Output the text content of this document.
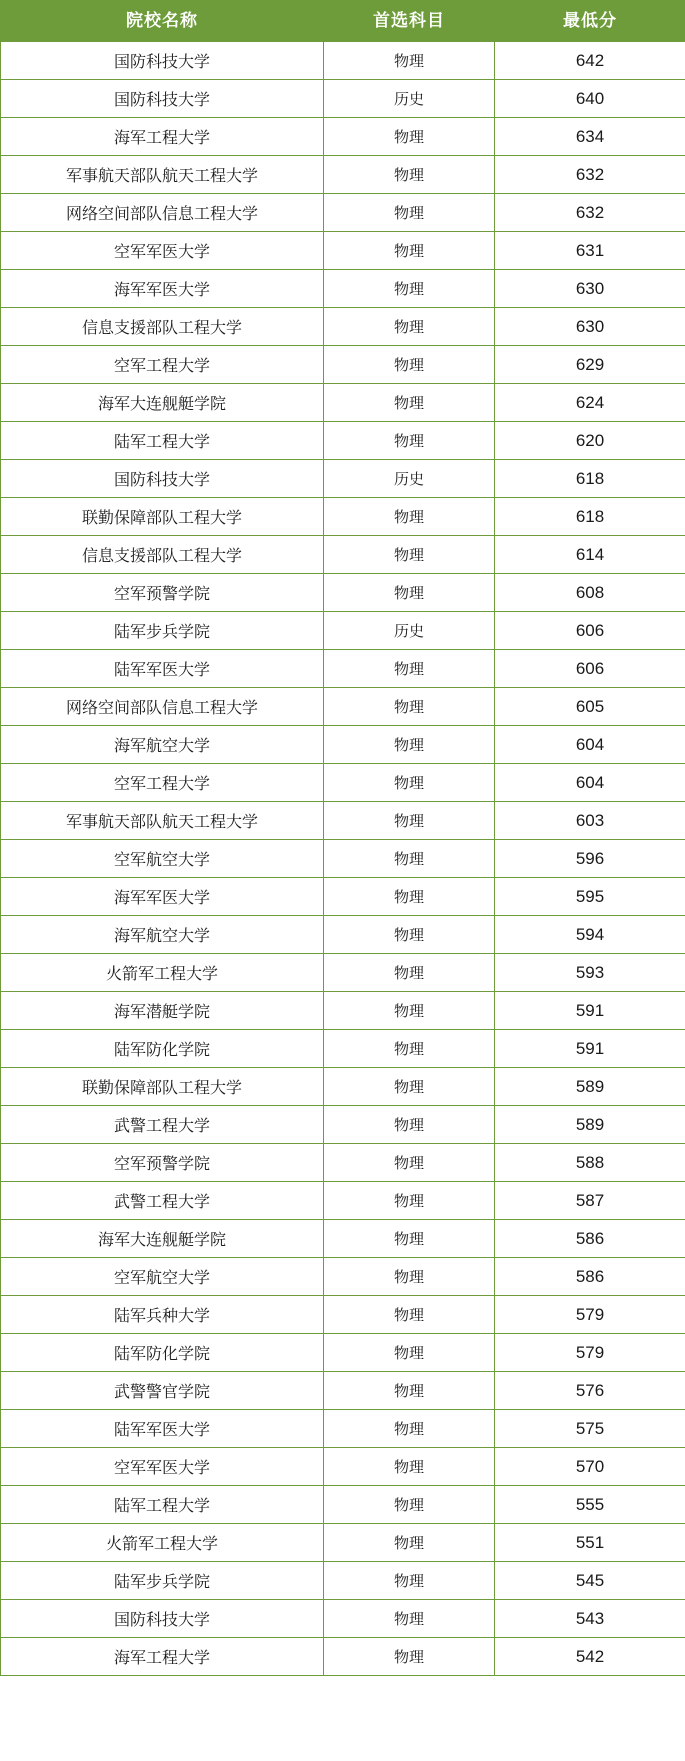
院校名称	首选科目	最低分
国防科技大学	物理	642
国防科技大学	历史	640
海军工程大学	物理	634
军事航天部队航天工程大学	物理	632
网络空间部队信息工程大学	物理	632
空军军医大学	物理	631
海军军医大学	物理	630
信息支援部队工程大学	物理	630
空军工程大学	物理	629
海军大连舰艇学院	物理	624
陆军工程大学	物理	620
国防科技大学	历史	618
联勤保障部队工程大学	物理	618
信息支援部队工程大学	物理	614
空军预警学院	物理	608
陆军步兵学院	历史	606
陆军军医大学	物理	606
网络空间部队信息工程大学	物理	605
海军航空大学	物理	604
空军工程大学	物理	604
军事航天部队航天工程大学	物理	603
空军航空大学	物理	596
海军军医大学	物理	595
海军航空大学	物理	594
火箭军工程大学	物理	593
海军潜艇学院	物理	591
陆军防化学院	物理	591
联勤保障部队工程大学	物理	589
武警工程大学	物理	589
空军预警学院	物理	588
武警工程大学	物理	587
海军大连舰艇学院	物理	586
空军航空大学	物理	586
陆军兵种大学	物理	579
陆军防化学院	物理	579
武警警官学院	物理	576
陆军军医大学	物理	575
空军军医大学	物理	570
陆军工程大学	物理	555
火箭军工程大学	物理	551
陆军步兵学院	物理	545
国防科技大学	物理	543
海军工程大学	物理	542
